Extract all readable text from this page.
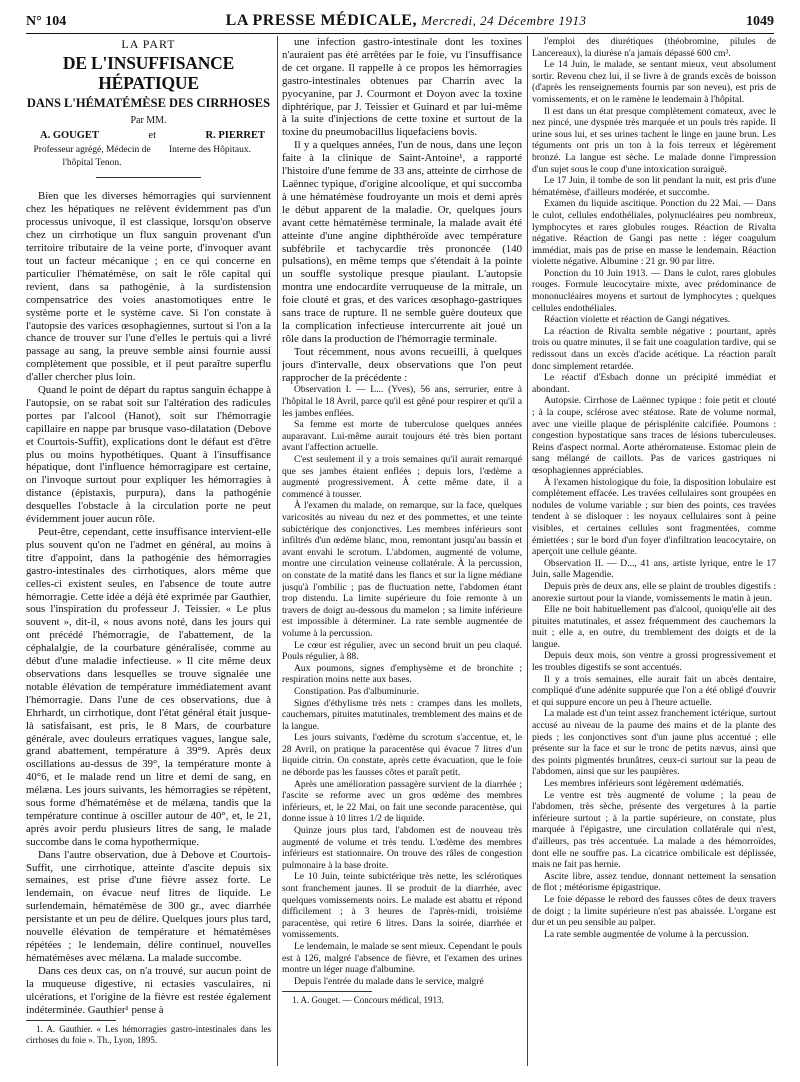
N° 104	LA PRESSE MÉDICALE, Mercredi, 24 Décembre 1913	1049
LA PART
DE L'INSUFFISANCE HÉPATIQUE
DANS L'HÉMATÉMÈSE DES CIRRHOSES
Par MM.
A. GOUGET	et	R. PIERRET
Professeur agrégé, Médecin de l'hôpital Tenon.
Interne des Hôpitaux.

Bien que les diverses hémorragies qui surviennent chez les hépatiques ne relèvent évidemment pas d'un processus univoque, il est classique, lorsqu'on observe chez un cirrhotique un flux sanguin provenant d'un territoire tributaire de la veine porte, d'invoquer avant tout un facteur mécanique ; en ce qui concerne en particulier l'hématémèse, on sait le rôle capital qui revient, dans sa pathogénie, à la surdistension compensatrice des voies anastomotiques entre le système porte et le système cave. Si l'on constate à l'autopsie des varices œsophagiennes, surtout si l'on a la chance de trouver sur l'une d'elles le pertuis qui a livré passage au sang, la preuve semble ainsi fournie aussi complètement que possible, et il peut paraître superflu d'aller chercher plus loin.

Quand le point de départ du raptus sanguin échappe à l'autopsie, on se rabat soit sur l'altération des radicules portes par l'alcool (Hanot), soit sur l'hémorragie capillaire en nappe par brusque vaso-dilatation (Debove et Courtois-Suffit), explications dont le défaut est d'être plus ou moins hypothétiques. Quant à l'insuffisance hépatique, dont l'influence hémorragipare est certaine, on l'invoque surtout pour expliquer les hémorragies à distance (épistaxis, purpura), dans la pathogénie desquelles l'obstacle à la circulation porte ne peut évidemment jouer aucun rôle.

Peut-être, cependant, cette insuffisance intervient-elle plus souvent qu'on ne l'admet en général, au moins à titre d'appoint, dans la pathogénie des hémorragies gastro-intestinales des cirrhotiques, alors même que celles-ci existent seules, en l'absence de toute autre hémorragie. Cette idée a déjà été exprimée par Gauthier, sous l'inspiration du professeur J. Teissier. « Le plus souvent », dit-il, « nous avons noté, dans les jours qui ont précédé l'hémorragie, de l'abattement, de la céphalalgie, de la courbature généralisée, comme au début d'une maladie infectieuse. » Il cite même deux observations dans lesquelles se trouve signalée une notable élévation de température immédiatement avant l'hémorragie. Dans l'une de ces observations, due à Ehrhardt, un cirrhotique, dont l'état général était jusque-là satisfaisant, est pris, le 8 Mars, de courbature générale, avec douleurs erratiques vagues, langue sale, grand abattement, température à 39°9. Après deux oscillations au-dessus de 39°, la température monte à 40°6, et le malade rend un litre et demi de sang, en mélæna. Les jours suivants, les hémorragies se répètent, sous forme d'hématémèse et de mélæna, tandis que la température continue à osciller autour de 40°, et, le 21, après avoir perdu plusieurs litres de sang, le malade succombe dans le coma hypothermique.

Dans l'autre observation, due à Debove et Courtois-Suffit, une cirrhotique, atteinte d'ascite depuis six semaines, est prise d'une fièvre assez forte. Le lendemain, on évacue neuf litres de liquide. Le surlendemain, hématémèse de 300 gr., avec diarrhée persistante et un peu de délire. Quelques jours plus tard, nouvelle élévation de température et hématémèses répétées ; le lendemain, délire continuel, nouvelles hématémèses avec mélæna. La malade succombe.

Dans ces deux cas, on n'a trouvé, sur aucun point de la muqueuse digestive, ni ectasies vasculaires, ni ulcérations, et l'origine de la fièvre est restée également indéterminée. Gauthier¹ pense à

1. A. Gauthier. « Les hémorragies gastro-intestinales dans les cirrhoses du foie ». Th., Lyon, 1895.

une infection gastro-intestinale dont les toxines n'auraient pas été arrêtées par le foie, vu l'insuffisance de cet organe. Il rappelle à ce propos les hémorragies gastro-intestinales obtenues par Charrin avec la pyocyanine, par J. Courmont et Doyon avec la toxine diphtérique, par J. Teissier et Guinard et par lui-même à la suite d'injections de cette toxine et surtout de la toxine du pneumobacillus liquefaciens bovis.

Il y a quelques années, l'un de nous, dans une leçon faite à la clinique de Saint-Antoine¹, a rapporté l'histoire d'une femme de 33 ans, atteinte de cirrhose de Laënnec typique, d'origine alcoolique, et qui succomba à une hématémèse foudroyante un mois et demi après le début apparent de la maladie. Or, quelques jours avant cette hématémèse terminale, la malade avait été atteinte d'une angine diphthéroïde avec température subfébrile et tachycardie très prononcée (140 pulsations), en même temps que s'étendait à la pointe un souffle systolique presque piaulant. L'autopsie montra une endocardite verruqueuse de la mitrale, un foie clouté et gras, et des varices œsophago-gastriques sans trace de rupture. Il ne semble guère douteux que la complication infectieuse intercurrente ait joué un rôle dans la production de l'hémorragie terminale.

Tout récemment, nous avons recueilli, à quelques jours d'intervalle, deux observations que l'on peut rapprocher de la précédente :

Observation I. — L... (Yves), 56 ans, serrurier, entre à l'hôpital le 18 Avril, parce qu'il est gêné pour respirer et qu'il a les jambes enflées.

Sa femme est morte de tuberculose quelques années auparavant. Lui-même aurait toujours été très bien portant avant l'affection actuelle.

C'est seulement il y a trois semaines qu'il aurait remarqué que ses jambes étaient enflées ; depuis lors, l'œdème a augmenté progressivement. À cette même date, il a commencé à tousser.

À l'examen du malade, on remarque, sur la face, quelques varicosités au niveau du nez et des pommettes, et une teinte subictérique des conjonctives. Les membres inférieurs sont infiltrés d'un œdème blanc, mou, remontant jusqu'au bassin et avant envahi le scrotum. L'abdomen, augmenté de volume, montre une circulation veineuse collatérale. À la percussion, on constate de la matité dans les flancs et sur la ligne médiane jusqu'à l'ombilic ; pas de fluctuation nette, l'abdomen étant trop distendu. La limite supérieure du foie remonte à un travers de doigt au-dessous du mamelon ; sa limite inférieure est impossible à déterminer. La rate semble augmentée de volume à la percussion.

Le cœur est régulier, avec un second bruit un peu claqué. Pouls régulier, à 88.

Aux poumons, signes d'emphysème et de bronchite ; respiration moins nette aux bases.

Constipation. Pas d'albuminurie.

Signes d'éthylisme très nets : crampes dans les mollets, cauchemars, pituites matutinales, tremblement des mains et de la langue.

Les jours suivants, l'œdème du scrotum s'accentue, et, le 28 Avril, on pratique la paracentèse qui évacue 7 litres d'un liquide citrin. On constate, après cette évacuation, que le foie ne déborde pas les fausses côtes et paraît petit.

Après une amélioration passagère survient de la diarrhée ; l'ascite se reforme avec un gros œdème des membres inférieurs, et, le 22 Mai, on fait une seconde paracentèse, qui donne issue à 10 litres 1/2 de liquide.

Quinze jours plus tard, l'abdomen est de nouveau très augmenté de volume et très tendu. L'œdème des membres inférieurs est stationnaire. On trouve des râles de congestion pulmonaire à la base droite.

Le 10 Juin, teinte subictérique très nette, les sclérotiques sont franchement jaunes. Il se produit de la diarrhée, avec quelques vomissements noirs. Le malade est abattu et répond difficilement ; à 3 heures de l'après-midi, troisième paracentèse, qui retire 6 litres. Dans la soirée, diarrhée et vomissements.

Le lendemain, le malade se sent mieux. Cependant le pouls est à 126, malgré l'absence de fièvre, et l'examen des urines montre un léger nuage d'albumine.

Depuis l'entrée du malade dans le service, malgré

1. A. Gouget. — Concours médical, 1913.

l'emploi des diurétiques (théobromine, pilules de Lancereaux), la diurèse n'a jamais dépassé 600 cm³.

Le 14 Juin, le malade, se sentant mieux, veut absolument sortir. Revenu chez lui, il se livre à de grands excès de boisson (d'après les renseignements fournis par son neveu), est pris de vomissements, et on le ramène le lendemain à l'hôpital.

Il est dans un état presque complètement comateux, avec le nez pincé, une dyspnée très marquée et un pouls très rapide. Il urine sous lui, et ses urines tachent le linge en jaune brun. Les téguments ont pris un ton à la fois terreux et légèrement bronzé. La langue est sèche. Le malade donne l'impression d'un sujet sous le coup d'une intoxication suraiguë.

Le 17 Juin, il tombe de son lit pendant la nuit, est pris d'une hématémèse, d'ailleurs modérée, et succombe.

Examen du liquide ascitique. Ponction du 22 Mai. — Dans le culot, cellules endothéliales, polynucléaires peu nombreux, lymphocytes et rares globules rouges. Réaction de Rivalta négative. Réaction de Gangi pas nette : léger coagulum immédiat, mais pas de prise en masse le lendemain. Réaction violette négative. Albumine : 21 gr. 90 par litre.

Ponction du 10 Juin 1913. — Dans le culot, rares globules rouges. Formule leucocytaire mixte, avec prédominance de mononucléaires moyens et surtout de lymphocytes ; quelques cellules endothéliales.

Réaction violette et réaction de Gangi négatives.

La réaction de Rivalta semble négative ; pourtant, après trois ou quatre minutes, il se fait une coagulation tardive, qui se redissout dans un excès d'acide acétique. La réaction paraît donc simplement retardée.

Le réactif d'Esbach donne un précipité immédiat et abondant.

Autopsie. Cirrhose de Laënnec typique : foie petit et clouté ; à la coupe, sclérose avec stéatose. Rate de volume normal, avec une vieille plaque de périsplénite calcifiée. Poumons : congestion hypostatique sans traces de lésions tuberculeuses. Reins d'aspect normal. Aorte athéromateuse. Estomac plein de sang mélangé de caillots. Pas de varices gastriques ni œsophagiennes appréciables.

À l'examen histologique du foie, la disposition lobulaire est complètement effacée. Les travées cellulaires sont groupées en nodules de volume variable ; sur bien des points, ces travées tendent à se disloquer : les noyaux cellulaires sont à peine visibles, et certaines cellules sont fragmentées, comme émiettées ; sur le bord d'un foyer d'infiltration leucocytaire, on aperçoit une cellule géante.

Observation II. — D..., 41 ans, artiste lyrique, entre le 17 Juin, salle Magendie.

Depuis près de deux ans, elle se plaint de troubles digestifs : anorexie surtout pour la viande, vomissements le matin à jeun.

Elle ne boit habituellement pas d'alcool, quoiqu'elle ait des pituites matutinales, et assez fréquemment des cauchemars la nuit ; elle a, en outre, du tremblement des doigts et de la langue.

Depuis deux mois, son ventre a grossi progressivement et les troubles digestifs se sont accentués.

Il y a trois semaines, elle aurait fait un abcès dentaire, compliqué d'une adénite suppurée que l'on a été obligé d'ouvrir et qui suppure encore un peu à l'heure actuelle.

La malade est d'un teint assez franchement ictérique, surtout accusé au niveau de la paume des mains et de la plante des pieds ; les conjonctives sont d'un jaune plus accentué ; elle présente sur la face et sur le tronc de petits nævus, ainsi que des points pigmentés brunâtres, ceux-ci surtout sur la peau de l'abdomen, ainsi que sur les paupières.

Les membres inférieurs sont légèrement œdématiés.

Le ventre est très augmenté de volume ; la peau de l'abdomen, très sèche, présente des vergetures à la partie inférieure surtout ; à la partie supérieure, on constate, plus marquée à l'épigastre, une circulation collatérale qui n'est, d'ailleurs, pas très accentuée. La malade a des hémorroïdes, dont elle ne souffre pas. La cicatrice ombilicale est déplissée, mais ne fait pas hernie.

Ascite libre, assez tendue, donnant nettement la sensation de flot ; météorisme épigastrique.

Le foie dépasse le rebord des fausses côtes de deux travers de doigt ; la limite supérieure n'est pas abaissée. L'organe est dur et un peu sensible au palper.

La rate semble augmentée de volume à la percussion.
